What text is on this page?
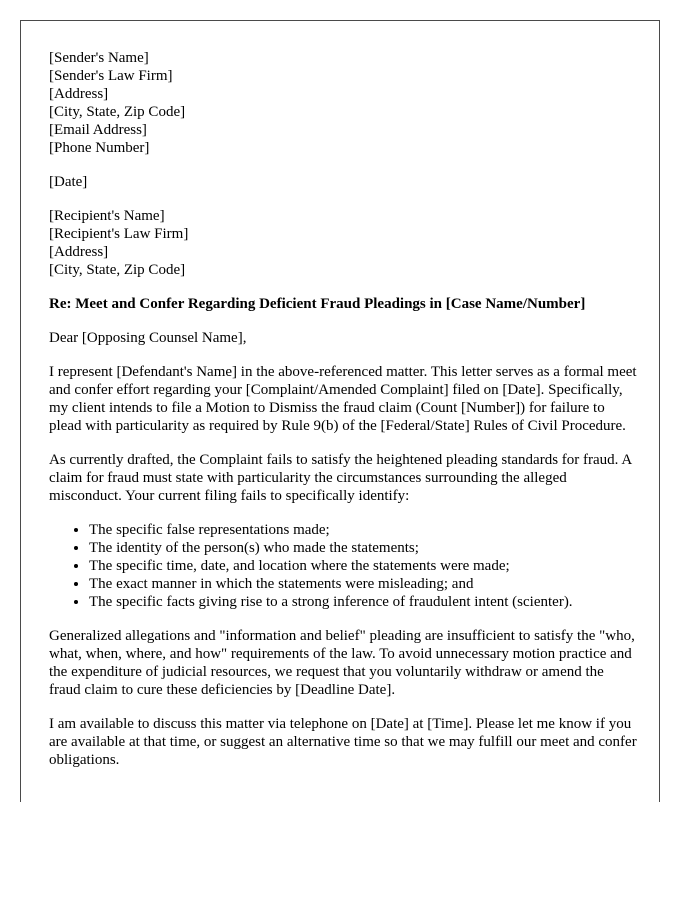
[Sender's Name]
[Sender's Law Firm]
[Address]
[City, State, Zip Code]
[Email Address]
[Phone Number]
[Date]
[Recipient's Name]
[Recipient's Law Firm]
[Address]
[City, State, Zip Code]
Re: Meet and Confer Regarding Deficient Fraud Pleadings in [Case Name/Number]

Dear [Opposing Counsel Name],

I represent [Defendant's Name] in the above-referenced matter. This letter serves as a formal meet and confer effort regarding your [Complaint/Amended Complaint] filed on [Date]. Specifically, my client intends to file a Motion to Dismiss the fraud claim (Count [Number]) for failure to plead with particularity as required by Rule 9(b) of the [Federal/State] Rules of Civil Procedure.

As currently drafted, the Complaint fails to satisfy the heightened pleading standards for fraud. A claim for fraud must state with particularity the circumstances surrounding the alleged misconduct. Your current filing fails to specifically identify:

• The specific false representations made;
• The identity of the person(s) who made the statements;
• The specific time, date, and location where the statements were made;
• The exact manner in which the statements were misleading; and
• The specific facts giving rise to a strong inference of fraudulent intent (scienter).

Generalized allegations and "information and belief" pleading are insufficient to satisfy the "who, what, when, where, and how" requirements of the law. To avoid unnecessary motion practice and the expenditure of judicial resources, we request that you voluntarily withdraw or amend the fraud claim to cure these deficiencies by [Deadline Date].

I am available to discuss this matter via telephone on [Date] at [Time]. Please let me know if you are available at that time, or suggest an alternative time so that we may fulfill our meet and confer obligations.
